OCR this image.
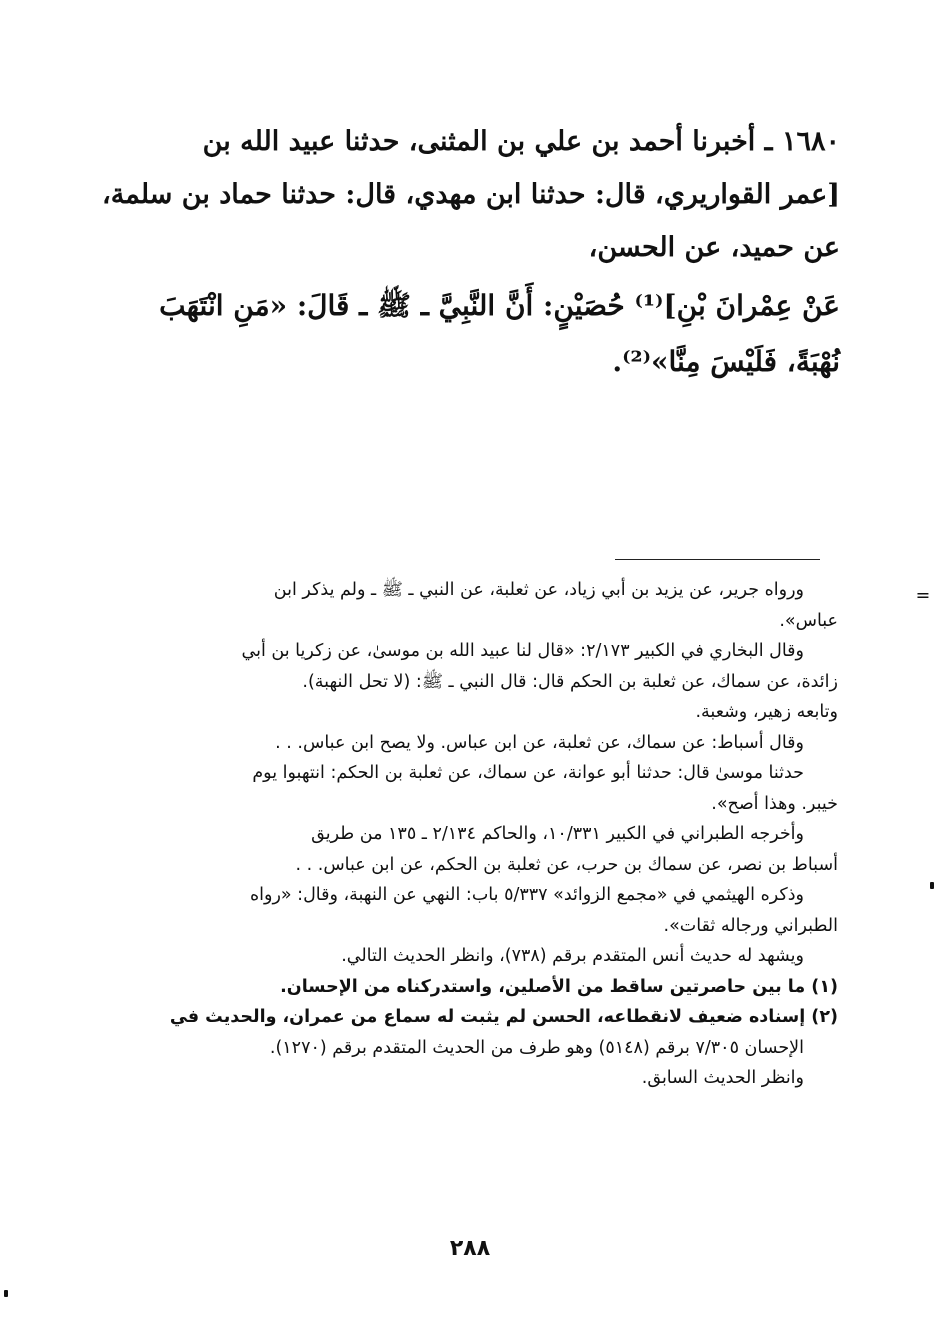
١٦٨٠ ـ أخبرنا أحمد بن علي بن المثنى، حدثنا عبيد الله بن
[عمر القواريري، قال: حدثنا ابن مهدي، قال: حدثنا حماد بن سلمة،
عن حميد، عن الحسن،
عَنْ عِمْرانَ بْنِ]⁽¹⁾ حُصَيْنٍ: أَنَّ النَّبِيَّ ـ ﷺ ـ قَالَ: «مَنِ انْتَهَبَ
نُهْبَةً، فَلَيْسَ مِنَّا»⁽²⁾.
=
ورواه جرير، عن يزيد بن أبي زياد، عن ثعلبة، عن النبي ـ ﷺ ـ ولم يذكر ابن
عباس».
وقال البخاري في الكبير ٢/١٧٣: «قال لنا عبيد الله بن موسىٰ، عن زكريا بن أبي
زائدة، عن سماك، عن ثعلبة بن الحكم قال: قال النبي ـ ﷺ: (لا تحل النهبة).
وتابعه زهير، وشعبة.
وقال أسباط: عن سماك، عن ثعلبة، عن ابن عباس. ولا يصح ابن عباس. . .
حدثنا موسىٰ قال: حدثنا أبو عوانة، عن سماك، عن ثعلبة بن الحكم: انتهبوا يوم
خيبر. وهذا أصح».
وأخرجه الطبراني في الكبير ١٠/٣٣١، والحاكم ٢/١٣٤ ـ ١٣٥ من طريق
أسباط بن نصر، عن سماك بن حرب، عن ثعلبة بن الحكم، عن ابن عباس. . .
وذكره الهيثمي في «مجمع الزوائد» ٥/٣٣٧ باب: النهي عن النهبة، وقال: «رواه
الطبراني ورجاله ثقات».
ويشهد له حديث أنس المتقدم برقم (٧٣٨)، وانظر الحديث التالي.
(١) ما بين حاصرتين ساقط من الأصلين، واستدركناه من الإحسان.
(٢) إسناده ضعيف لانقطاعه، الحسن لم يثبت له سماع من عمران، والحديث في
الإحسان ٧/٣٠٥ برقم (٥١٤٨) وهو طرف من الحديث المتقدم برقم (١٢٧٠).
وانظر الحديث السابق.
٢٨٨
